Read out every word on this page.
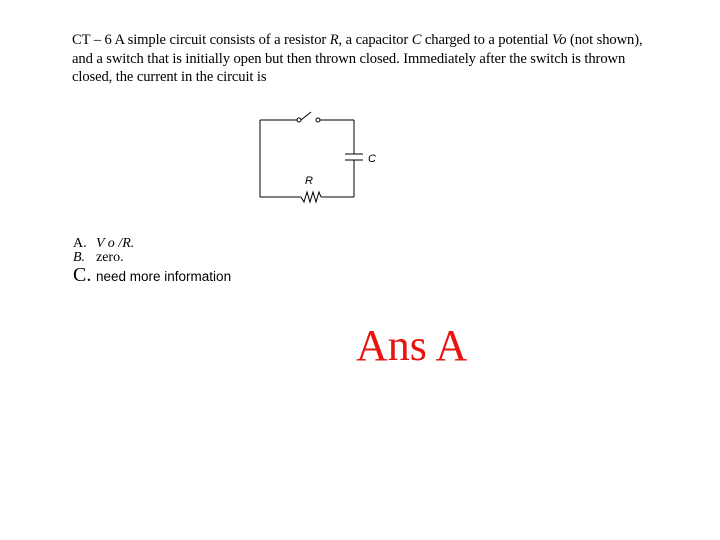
CT – 6 A simple circuit consists of a resistor R, a capacitor C charged to a potential Vo (not shown), and a switch that is initially open but then thrown closed. Immediately after the switch is thrown closed, the current in the circuit is
C
R
A. V o /R.
B. zero.
C. need more information
Ans A
